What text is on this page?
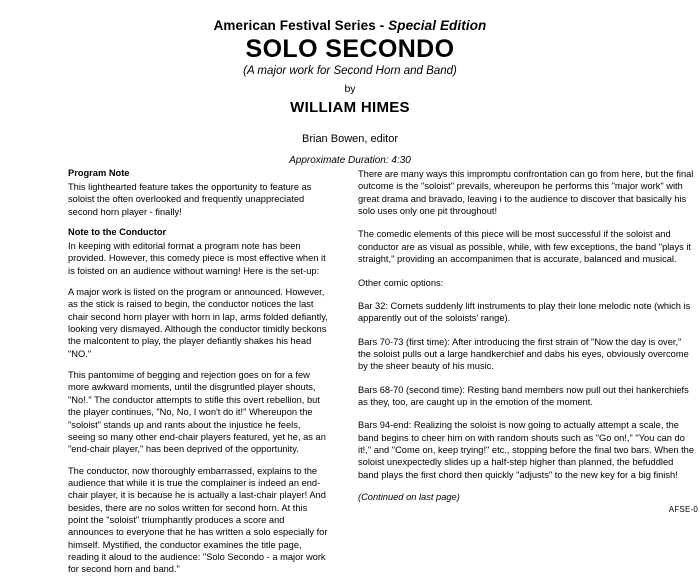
American Festival Series - Special Edition
SOLO SECONDO
(A major work for Second Horn and Band)
by
WILLIAM HIMES
Brian Bowen, editor
Approximate Duration: 4:30
Program Note

This lighthearted feature takes the opportunity to feature as soloist the often overlooked and frequently unappreciated second horn player - finally!

Note to the Conductor

In keeping with editorial format a program note has been provided. However, this comedy piece is most effective when it is foisted on an audience without warning! Here is the set-up:

A major work is listed on the program or announced. However, as the stick is raised to begin, the conductor notices the last chair second horn player with horn in lap, arms folded defiantly, looking very dismayed. Although the conductor timidly beckons the malcontent to play, the player defiantly shakes his head "NO."

This pantomime of begging and rejection goes on for a few more awkward moments, until the disgruntled player shouts, "No!." The conductor attempts to stifle this overt rebellion, but the player continues, "No, No, I won't do it!" Whereupon the "soloist" stands up and rants about the injustice he feels, seeing so many other end-chair players featured, yet he, as an "end-chair player," has been deprived of the opportunity.

The conductor, now thoroughly embarrassed, explains to the audience that while it is true the complainer is indeed an end-chair player, it is because he is actually a last-chair player! And besides, there are no solos written for second horn. At this point the "soloist" triumphantly produces a score and announces to everyone that he has written a solo especially for himself. Mystified, the conductor examines the title page, reading it aloud to the audience: "Solo Secondo - a major work for second horn and band."

There are many ways this impromptu confrontation can go from here, but the final outcome is the "soloist" prevails, whereupon he performs this "major work" with great drama and bravado, leaving i to the audience to discover that basically his solo uses only one pit throughout!

The comedic elements of this piece will be most successful if the soloist and conductor are as visual as possible, while, with few exceptions, the band "plays it straight," providing an accompanimen that is accurate, balanced and musical.

Other comic options:

Bar 32: Cornets suddenly lift instruments to play their lone melodic note (which is apparently out of the soloists' range).

Bars 70-73 (first time): After introducing the first strain of "Now the day is over," the soloist pulls out a large handkerchief and dabs his eyes, obviously overcome by the sheer beauty of his music.

Bars 68-70 (second time): Resting band members now pull out thei hankerchiefs as they, too, are caught up in the emotion of the moment.

Bars 94-end: Realizing the soloist is now going to actually attempt a scale, the band begins to cheer him on with random shouts such as "Go on!," "You can do it!," and "Come on, keep trying!" etc., stopping before the final two bars. When the soloist unexpectedly slides up a half-step higher than planned, the befuddled band plays the first chord then quickly "adjusts" to the new key for a big finish!

(Continued on last page)
AFSE-0
